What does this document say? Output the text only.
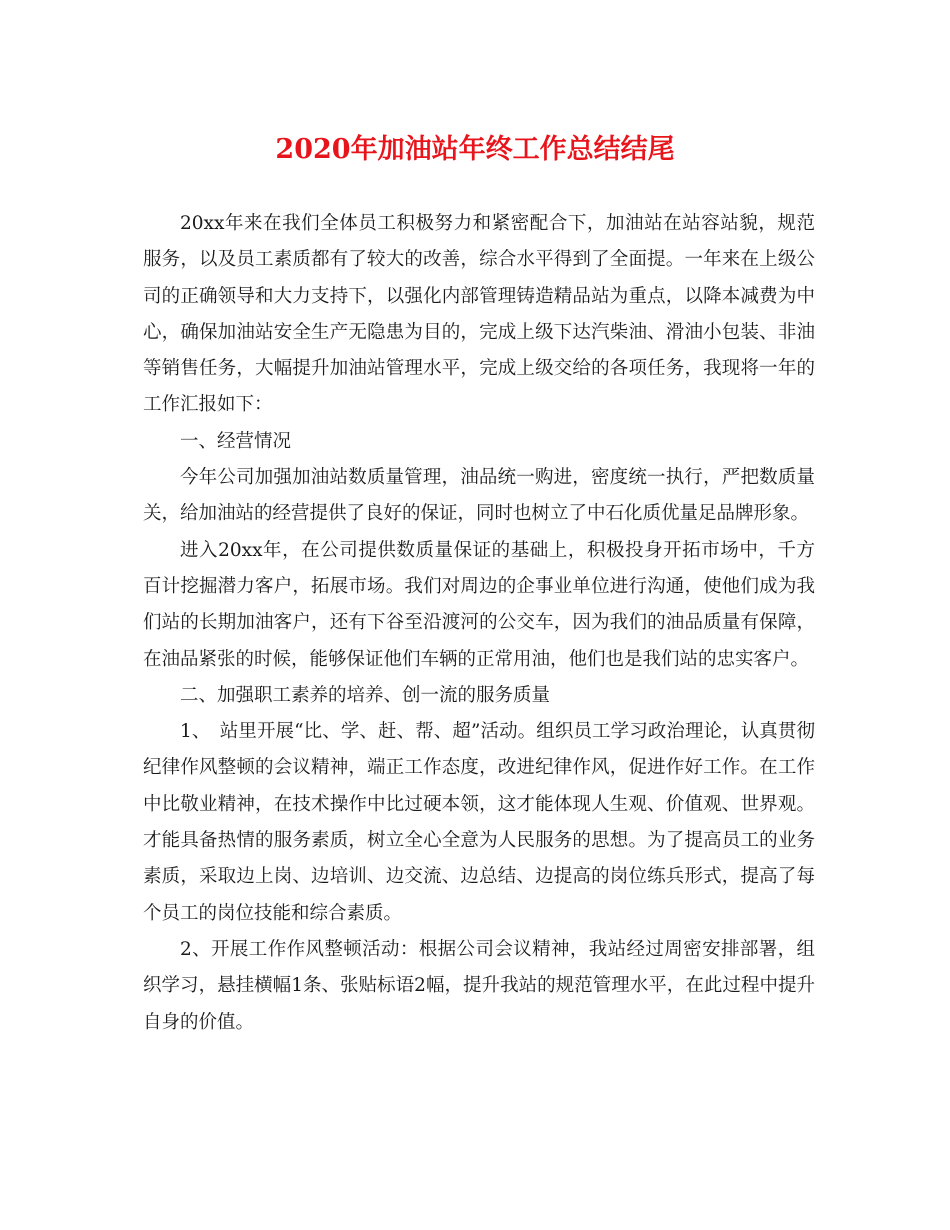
2020年加油站年终工作总结结尾

20xx年来在我们全体员工积极努力和紧密配合下，加油站在站容站貌，规范服务，以及员工素质都有了较大的改善，综合水平得到了全面提。一年来在上级公司的正确领导和大力支持下，以强化内部管理铸造精品站为重点，以降本减费为中心，确保加油站安全生产无隐患为目的，完成上级下达汽柴油、滑油小包装、非油等销售任务，大幅提升加油站管理水平，完成上级交给的各项任务，我现将一年的工作汇报如下：

一、经营情况

今年公司加强加油站数质量管理，油品统一购进，密度统一执行，严把数质量关，给加油站的经营提供了良好的保证，同时也树立了中石化质优量足品牌形象。

进入20xx年，在公司提供数质量保证的基础上，积极投身开拓市场中，千方百计挖掘潜力客户，拓展市场。我们对周边的企事业单位进行沟通，使他们成为我们站的长期加油客户，还有下谷至沿渡河的公交车，因为我们的油品质量有保障，在油品紧张的时候，能够保证他们车辆的正常用油，他们也是我们站的忠实客户。

二、加强职工素养的培养、创一流的服务质量

1、　站里开展“比、学、赶、帮、超”活动。组织员工学习政治理论，认真贯彻纪律作风整顿的会议精神，端正工作态度，改进纪律作风，促进作好工作。在工作中比敬业精神，在技术操作中比过硬本领，这才能体现人生观、价值观、世界观。才能具备热情的服务素质，树立全心全意为人民服务的思想。为了提高员工的业务素质，采取边上岗、边培训、边交流、边总结、边提高的岗位练兵形式，提高了每个员工的岗位技能和综合素质。

2、开展工作作风整顿活动：根据公司会议精神，我站经过周密安排部署，组织学习，悬挂横幅1条、张贴标语2幅，提升我站的规范管理水平，在此过程中提升自身的价值。
